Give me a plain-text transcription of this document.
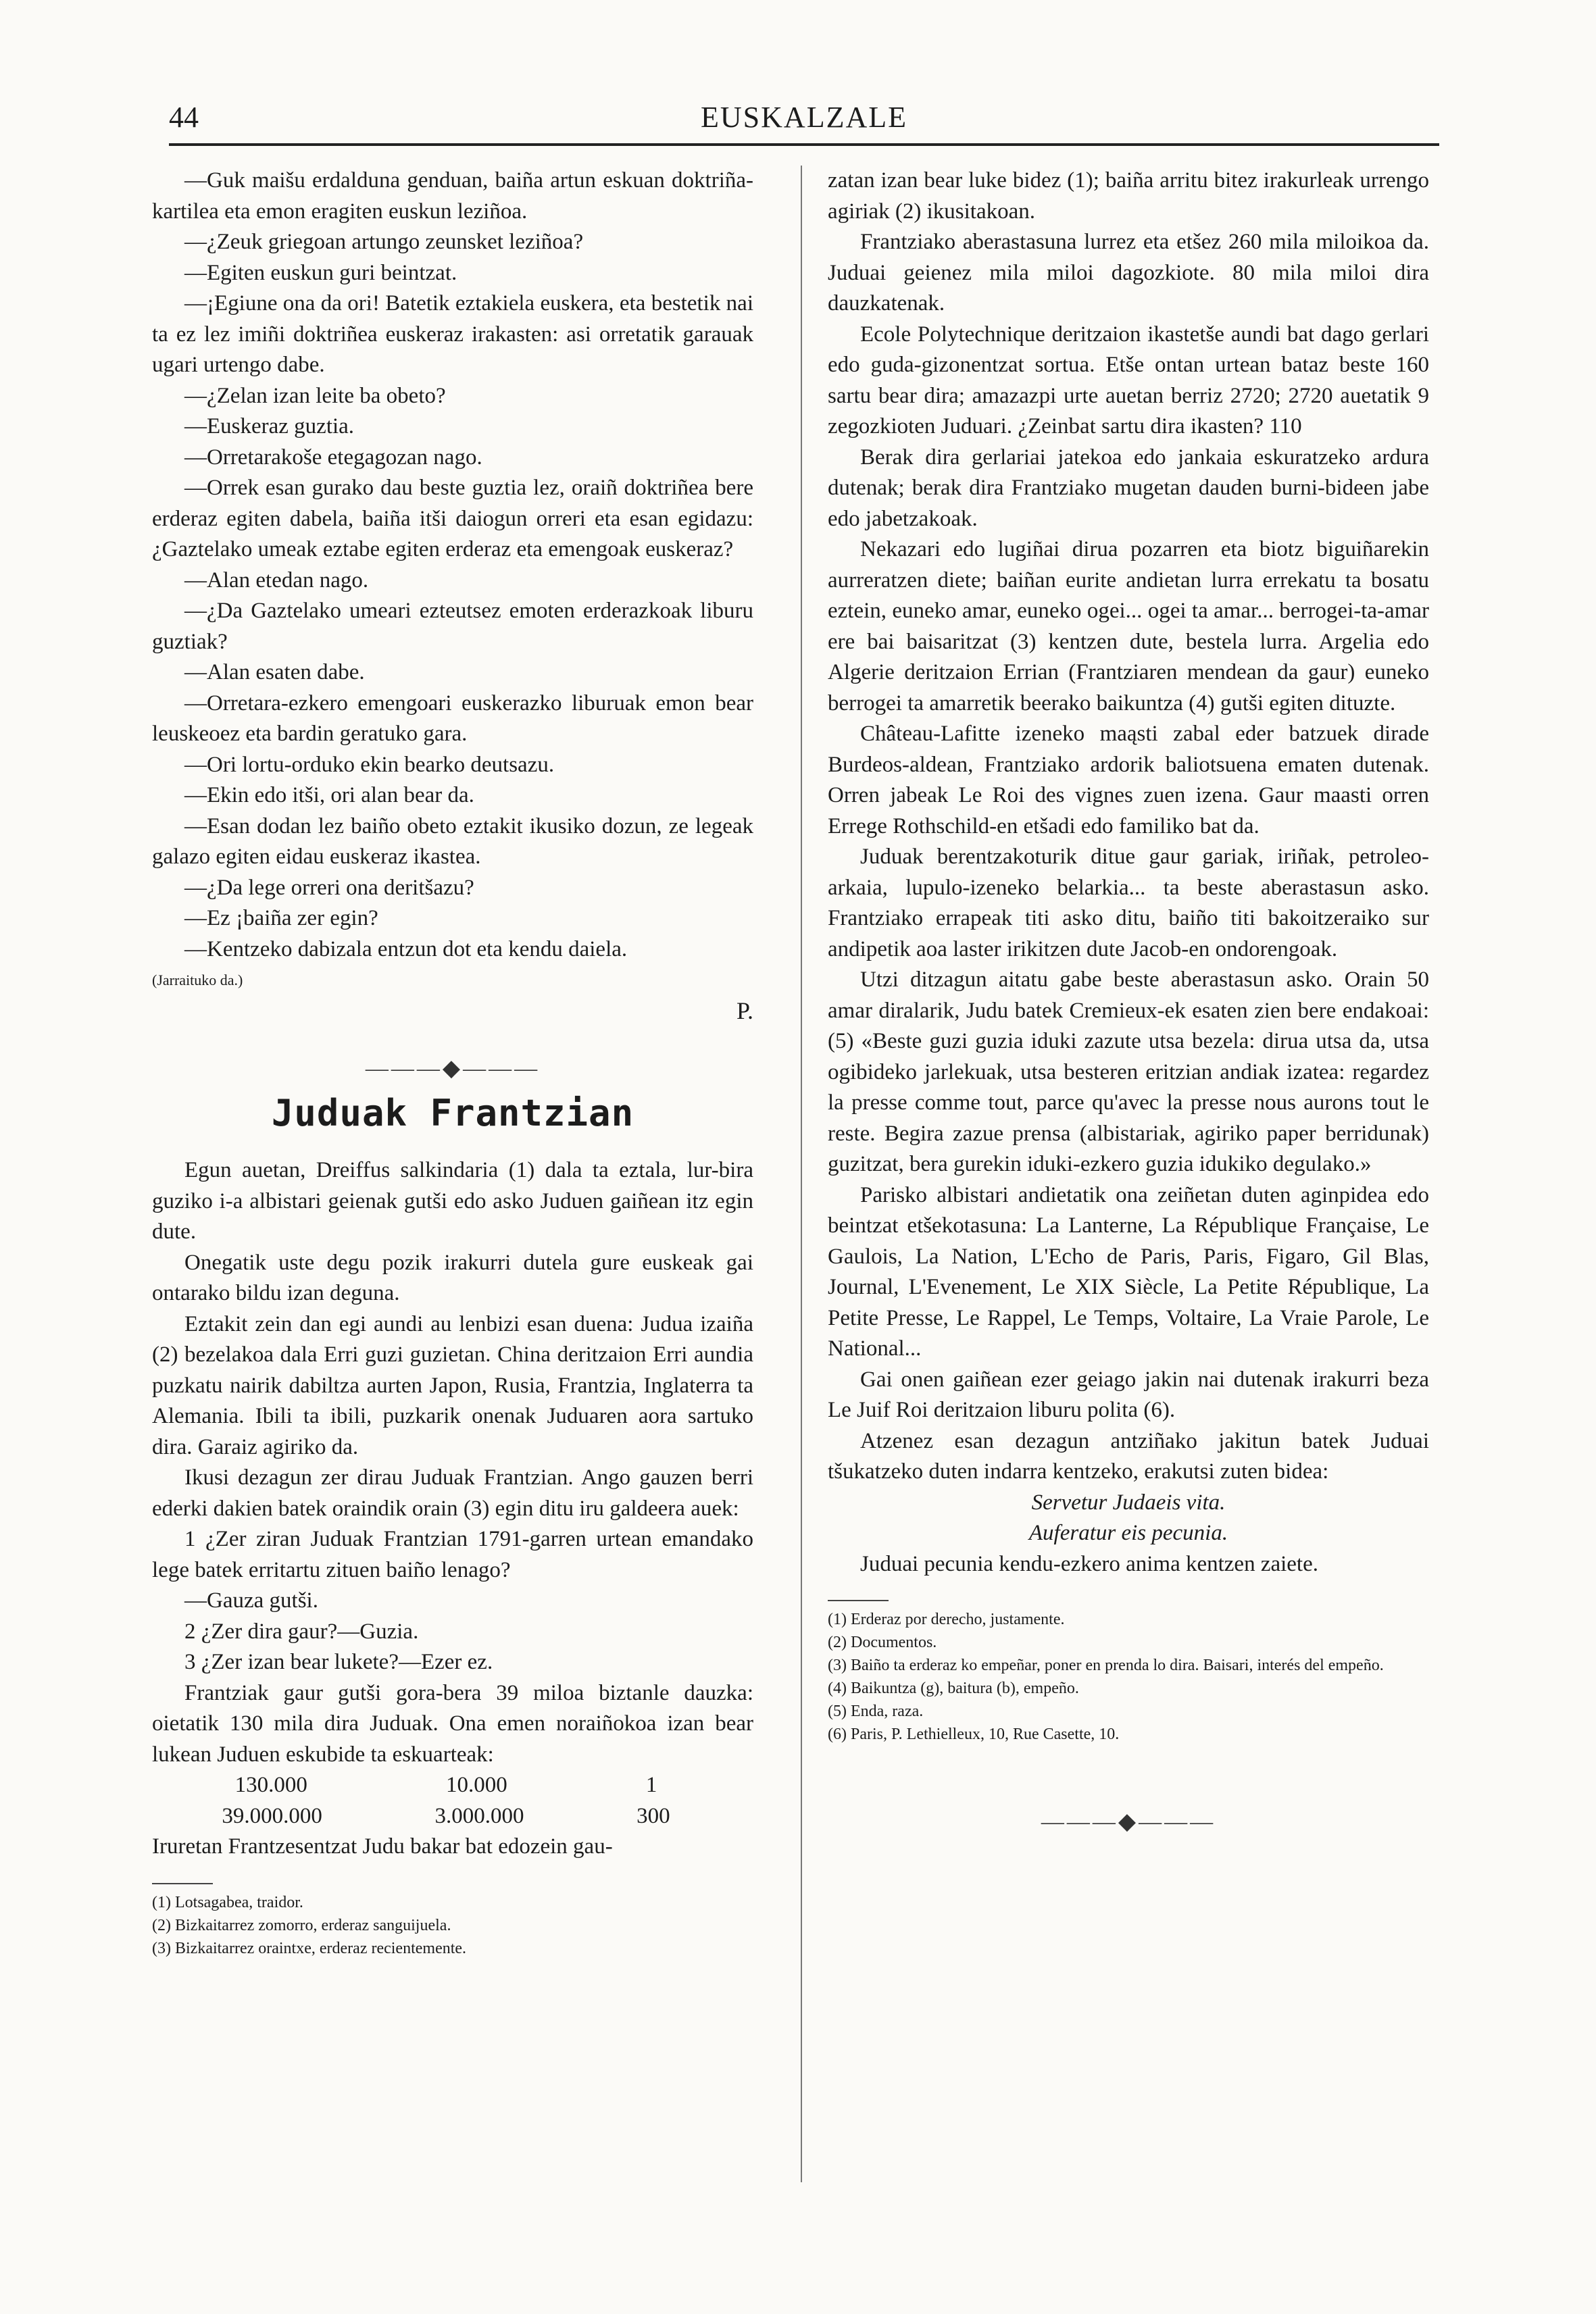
44	EUSKALZALE

—Guk maišu erdalduna genduan, baiña artun eskuan doktriña-kartilea eta emon eragiten euskun leziñoa.

—¿Zeuk griegoan artungo zeunsket leziñoa?

—Egiten euskun guri beintzat.

—¡Egiune ona da ori! Batetik eztakiela euskera, eta bestetik nai ta ez lez imiñi doktriñea euskeraz irakasten: asi orretatik garauak ugari urtengo dabe.

—¿Zelan izan leite ba obeto?

—Euskeraz guztia.

—Orretarakoše etegagozan nago.

—Orrek esan gurako dau beste guztia lez, oraiñ doktriñea bere erderaz egiten dabela, baiña itši daiogun orreri eta esan egidazu: ¿Gaztelako umeak eztabe egiten erderaz eta emengoak euskeraz?

—Alan etedan nago.

—¿Da Gaztelako umeari ezteutsez emoten erderazkoak liburu guztiak?

—Alan esaten dabe.

—Orretara-ezkero emengoari euskerazko liburuak emon bear leuskeoez eta bardin geratuko gara.

—Ori lortu-orduko ekin bearko deutsazu.

—Ekin edo itši, ori alan bear da.

—Esan dodan lez baiño obeto eztakit ikusiko dozun, ze legeak galazo egiten eidau euskeraz ikastea.

—¿Da lege orreri ona deritšazu?

—Ez ¡baiña zer egin?

—Kentzeko dabizala entzun dot eta kendu daiela.

(Jarraituko da.)

P.

———◆———
Juduak Frantzian

Egun auetan, Dreiffus salkindaria (1) dala ta eztala, lur-bira guziko i-a albistari geienak gutši edo asko Juduen gaiñean itz egin dute.

Onegatik uste degu pozik irakurri dutela gure euskeak gai ontarako bildu izan deguna.

Eztakit zein dan egi aundi au lenbizi esan duena: Judua izaiña (2) bezelakoa dala Erri guzi guzietan. China deritzaion Erri aundia puzkatu nairik dabiltza aurten Japon, Rusia, Frantzia, Inglaterra ta Alemania. Ibili ta ibili, puzkarik onenak Juduaren aora sartuko dira. Garaiz agiriko da.

Ikusi dezagun zer dirau Juduak Frantzian. Ango gauzen berri ederki dakien batek oraindik orain (3) egin ditu iru galdeera auek:

1 ¿Zer ziran Juduak Frantzian 1791-garren urtean emandako lege batek erritartu zituen baiño lenago?

—Gauza gutši.

2 ¿Zer dira gaur?—Guzia.

3 ¿Zer izan bear lukete?—Ezer ez.

Frantziak gaur gutši gora-bera 39 miloa biztanle dauzka: oietatik 130 mila dira Juduak. Ona emen noraiñokoa izan bear lukean Juduen eskubide ta eskuarteak:

130.000	10.000	1
39.000.000	3.000.000	300

Iruretan Frantzesentzat Judu bakar bat edozein gau-

(1) Lotsagabea, traidor.
(2) Bizkaitarrez zomorro, erderaz sanguijuela.
(3) Bizkaitarrez oraintxe, erderaz recientemente.

zatan izan bear luke bidez (1); baiña arritu bitez irakurleak urrengo agiriak (2) ikusitakoan.

Frantziako aberastasuna lurrez eta etšez 260 mila miloikoa da. Juduai geienez mila miloi dagozkiote. 80 mila miloi dira dauzkatenak.

Ecole Polytechnique deritzaion ikastetše aundi bat dago gerlari edo guda-gizonentzat sortua. Etše ontan urtean bataz beste 160 sartu bear dira; amazazpi urte auetan berriz 2720; 2720 auetatik 9 zegozkioten Juduari. ¿Zeinbat sartu dira ikasten? 110

Berak dira gerlariai jatekoa edo jankaia eskuratzeko ardura dutenak; berak dira Frantziako mugetan dauden burni-bideen jabe edo jabetzakoak.

Nekazari edo lugiñai dirua pozarren eta biotz biguiñarekin aurreratzen diete; baiñan eurite andietan lurra errekatu ta bosatu eztein, euneko amar, euneko ogei... ogei ta amar... berrogei-ta-amar ere bai baisaritzat (3) kentzen dute, bestela lurra. Argelia edo Algerie deritzaion Errian (Frantziaren mendean da gaur) euneko berrogei ta amarretik beerako baikuntza (4) gutši egiten dituzte.

Château-Lafitte izeneko maąsti zabal eder batzuek dirade Burdeos-aldean, Frantziako ardorik baliotsuena ematen dutenak. Orren jabeak Le Roi des vignes zuen izena. Gaur maasti orren Errege Rothschild-en etšadi edo familiko bat da.

Juduak berentzakoturik ditue gaur gariak, iriñak, petroleo-arkaia, lupulo-izeneko belarkia... ta beste aberastasun asko. Frantziako errapeak titi asko ditu, baiño titi bakoitzeraiko sur andipetik aoa laster irikitzen dute Jacob-en ondorengoak.

Utzi ditzagun aitatu gabe beste aberastasun asko. Orain 50 amar diralarik, Judu batek Cremieux-ek esaten zien bere endakoai: (5) «Beste guzi guzia iduki zazute utsa bezela: dirua utsa da, utsa ogibideko jarlekuak, utsa besteren eritzian andiak izatea: regardez la presse comme tout, parce qu'avec la presse nous aurons tout le reste. Begira zazue prensa (albistariak, agiriko paper berridunak) guzitzat, bera gurekin iduki-ezkero guzia idukiko degulako.»

Parisko albistari andietatik ona zeiñetan duten aginpidea edo beintzat etšekotasuna: La Lanterne, La République Française, Le Gaulois, La Nation, L'Echo de Paris, Paris, Figaro, Gil Blas, Journal, L'Evenement, Le XIX Siècle, La Petite République, La Petite Presse, Le Rappel, Le Temps, Voltaire, La Vraie Parole, Le National...

Gai onen gaiñean ezer geiago jakin nai dutenak irakurri beza Le Juif Roi deritzaion liburu polita (6).

Atzenez esan dezagun antziñako jakitun batek Juduai tšukatzeko duten indarra kentzeko, erakutsi zuten bidea:

Servetur Judaeis vita.

Auferatur eis pecunia.

Juduai pecunia kendu-ezkero anima kentzen zaiete.

(1) Erderaz por derecho, justamente.
(2) Documentos.
(3) Baiño ta erderaz ko empeñar, poner en prenda lo dira. Baisari, interés del empeño.
(4) Baikuntza (g), baitura (b), empeño.
(5) Enda, raza.
(6) Paris, P. Lethielleux, 10, Rue Casette, 10.
———◆———
